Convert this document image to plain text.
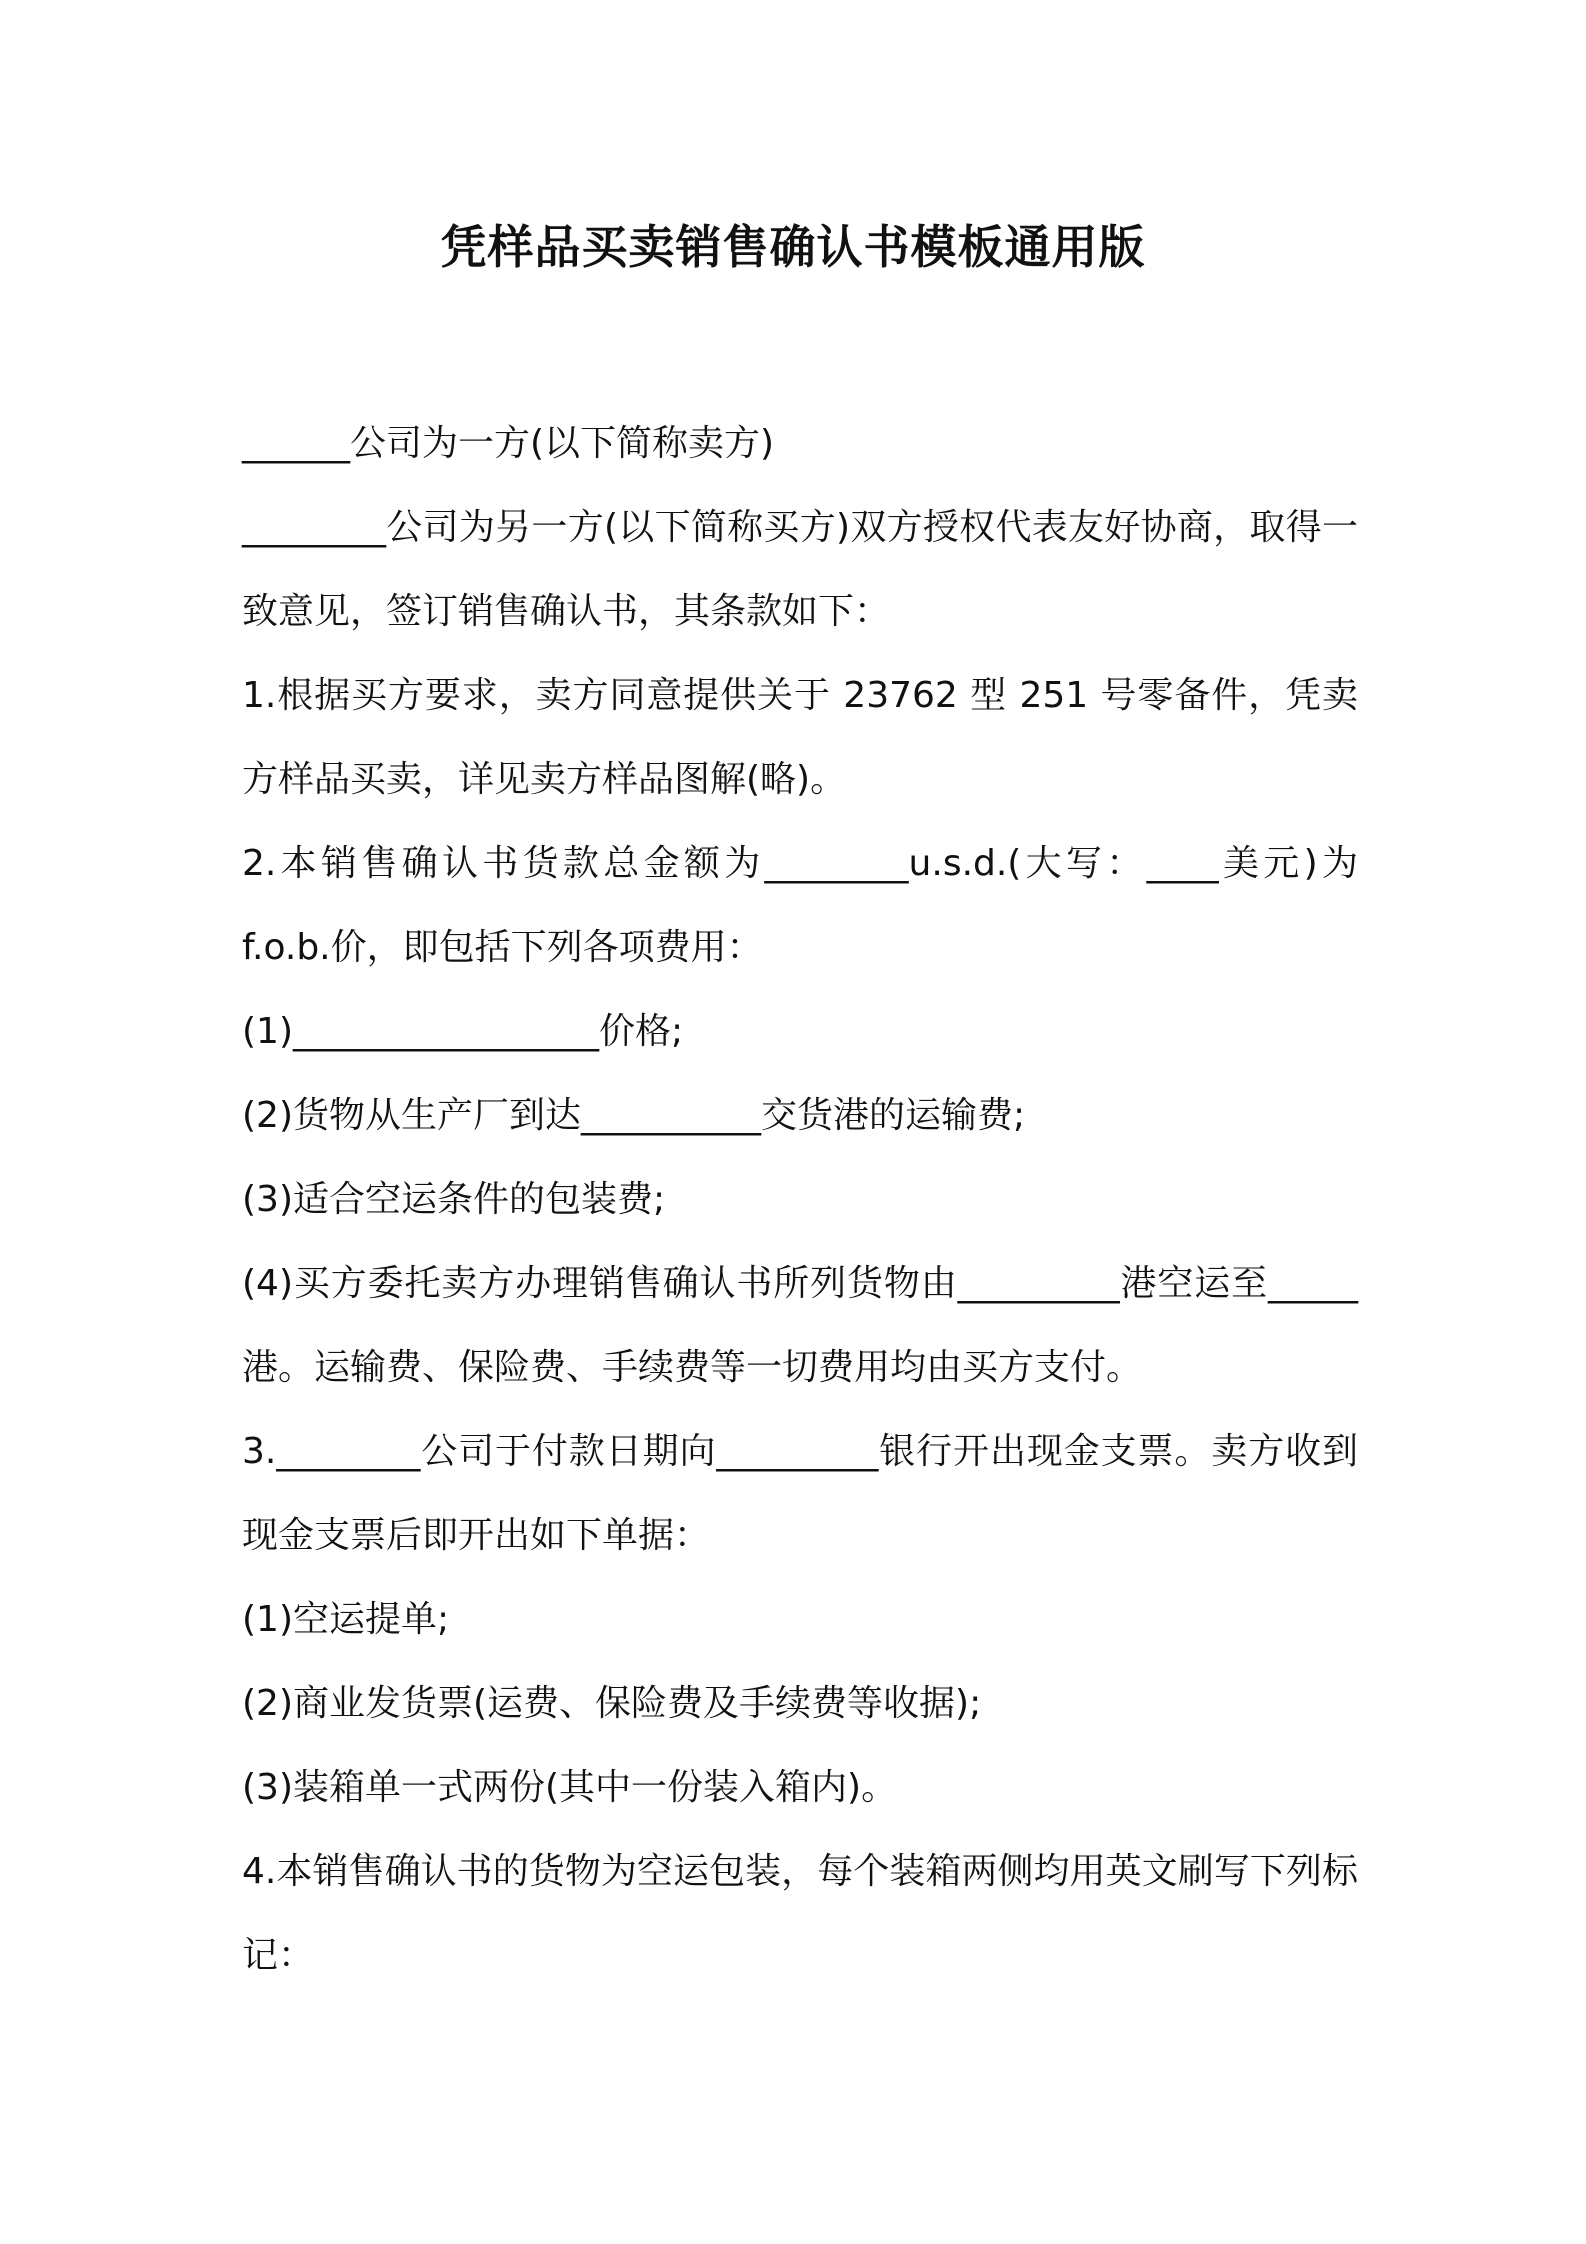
凭样品买卖销售确认书模板通用版

______公司为一方(以下简称卖方)

________公司为另一方(以下简称买方)双方授权代表友好协商，取得一致意见，签订销售确认书，其条款如下：

1.根据买方要求，卖方同意提供关于 23762 型 251 号零备件，凭卖方样品买卖，详见卖方样品图解(略)。

2.本销售确认书货款总金额为________u.s.d.(大写：____美元)为 f.o.b.价，即包括下列各项费用：

(1)_________________价格;

(2)货物从生产厂到达__________交货港的运输费;

(3)适合空运条件的包装费;

(4)买方委托卖方办理销售确认书所列货物由_________港空运至_____港。运输费、保险费、手续费等一切费用均由买方支付。

3.________公司于付款日期向_________银行开出现金支票。卖方收到现金支票后即开出如下单据：

(1)空运提单;

(2)商业发货票(运费、保险费及手续费等收据);

(3)装箱单一式两份(其中一份装入箱内)。

4.本销售确认书的货物为空运包装，每个装箱两侧均用英文刷写下列标记：
